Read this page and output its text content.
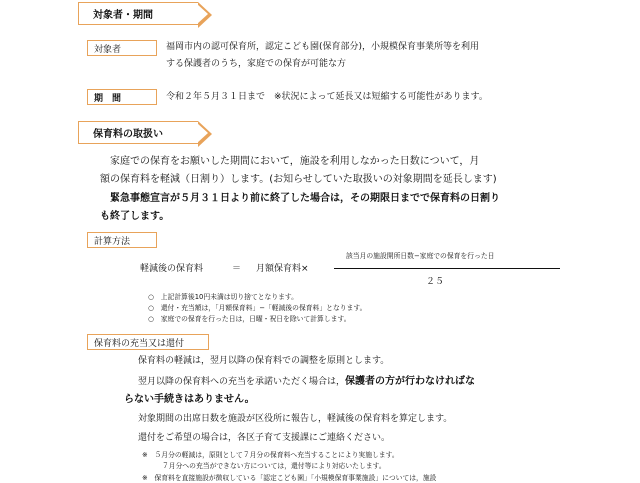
対象者・期間
対象者	福岡市内の認可保育所，認定こども園(保育部分)，小規模保育事業所等を利用
する保護者のうち，家庭での保育が可能な方
期　間	令和２年５月３１日まで　※状況によって延長又は短縮する可能性があります。
保育料の取扱い
家庭での保育をお願いした期間において，施設を利用しなかった日数について，月
額の保育料を軽減（日割り）します。(お知らせしていた取扱いの対象期間を延長します)
緊急事態宣言が５月３１日より前に終了した場合は，その期限日までで保育料の日割り
も終了します。
計算方法
軽減後の保育料	＝ 月額保育料×
該当月の施設開所日数−家庭での保育を行った日
２５
○　上記計算後10円未満は切り捨てとなります。
○　還付・充当額は，「月額保育料」−「軽減後の保育料」となります。
○　家庭での保育を行った日は，日曜・祝日を除いて計算します。
保育料の充当又は還付
保育料の軽減は，翌月以降の保育料での調整を原則とします。
翌月以降の保育料への充当を承諾いただく場合は，保護者の方が行わなければな
らない手続きはありません。
対象期間の出席日数を施設が区役所に報告し，軽減後の保育料を算定します。
還付をご希望の場合は，各区子育て支援課にご連絡ください。
※　５月分の軽減は，原則として７月分の保育料へ充当することにより実施します。
７月分への充当ができない方については，還付等により対応いたします。
※　保育料を直接施設が徴収している「認定こども園」「小規模保育事業施設」については，施設
